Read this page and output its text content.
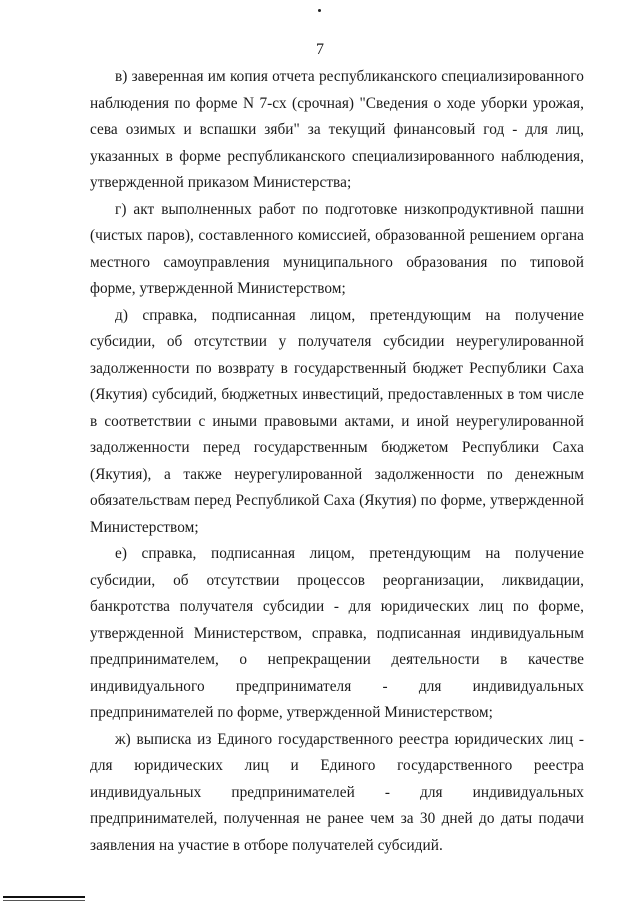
7

в) заверенная им копия отчета республиканского специализированного наблюдения по форме N 7-сх (срочная) "Сведения о ходе уборки урожая, сева озимых и вспашки зяби" за текущий финансовый год - для лиц, указанных в форме республиканского специализированного наблюдения, утвержденной приказом Министерства;

г) акт выполненных работ по подготовке низкопродуктивной пашни (чистых паров), составленного комиссией, образованной решением органа местного самоуправления муниципального образования по типовой форме, утвержденной Министерством;

д) справка, подписанная лицом, претендующим на получение субсидии, об отсутствии у получателя субсидии неурегулированной задолженности по возврату в государственный бюджет Республики Саха (Якутия) субсидий, бюджетных инвестиций, предоставленных в том числе в соответствии с иными правовыми актами, и иной неурегулированной задолженности перед государственным бюджетом Республики Саха (Якутия), а также неурегулированной задолженности по денежным обязательствам перед Республикой Саха (Якутия) по форме, утвержденной Министерством;

е) справка, подписанная лицом, претендующим на получение субсидии, об отсутствии процессов реорганизации, ликвидации, банкротства получателя субсидии - для юридических лиц по форме, утвержденной Министерством, справка, подписанная индивидуальным предпринимателем, о непрекращении деятельности в качестве индивидуального предпринимателя - для индивидуальных предпринимателей по форме, утвержденной Министерством;

ж) выписка из Единого государственного реестра юридических лиц - для юридических лиц и Единого государственного реестра индивидуальных предпринимателей - для индивидуальных предпринимателей, полученная не ранее чем за 30 дней до даты подачи заявления на участие в отборе получателей субсидий.
